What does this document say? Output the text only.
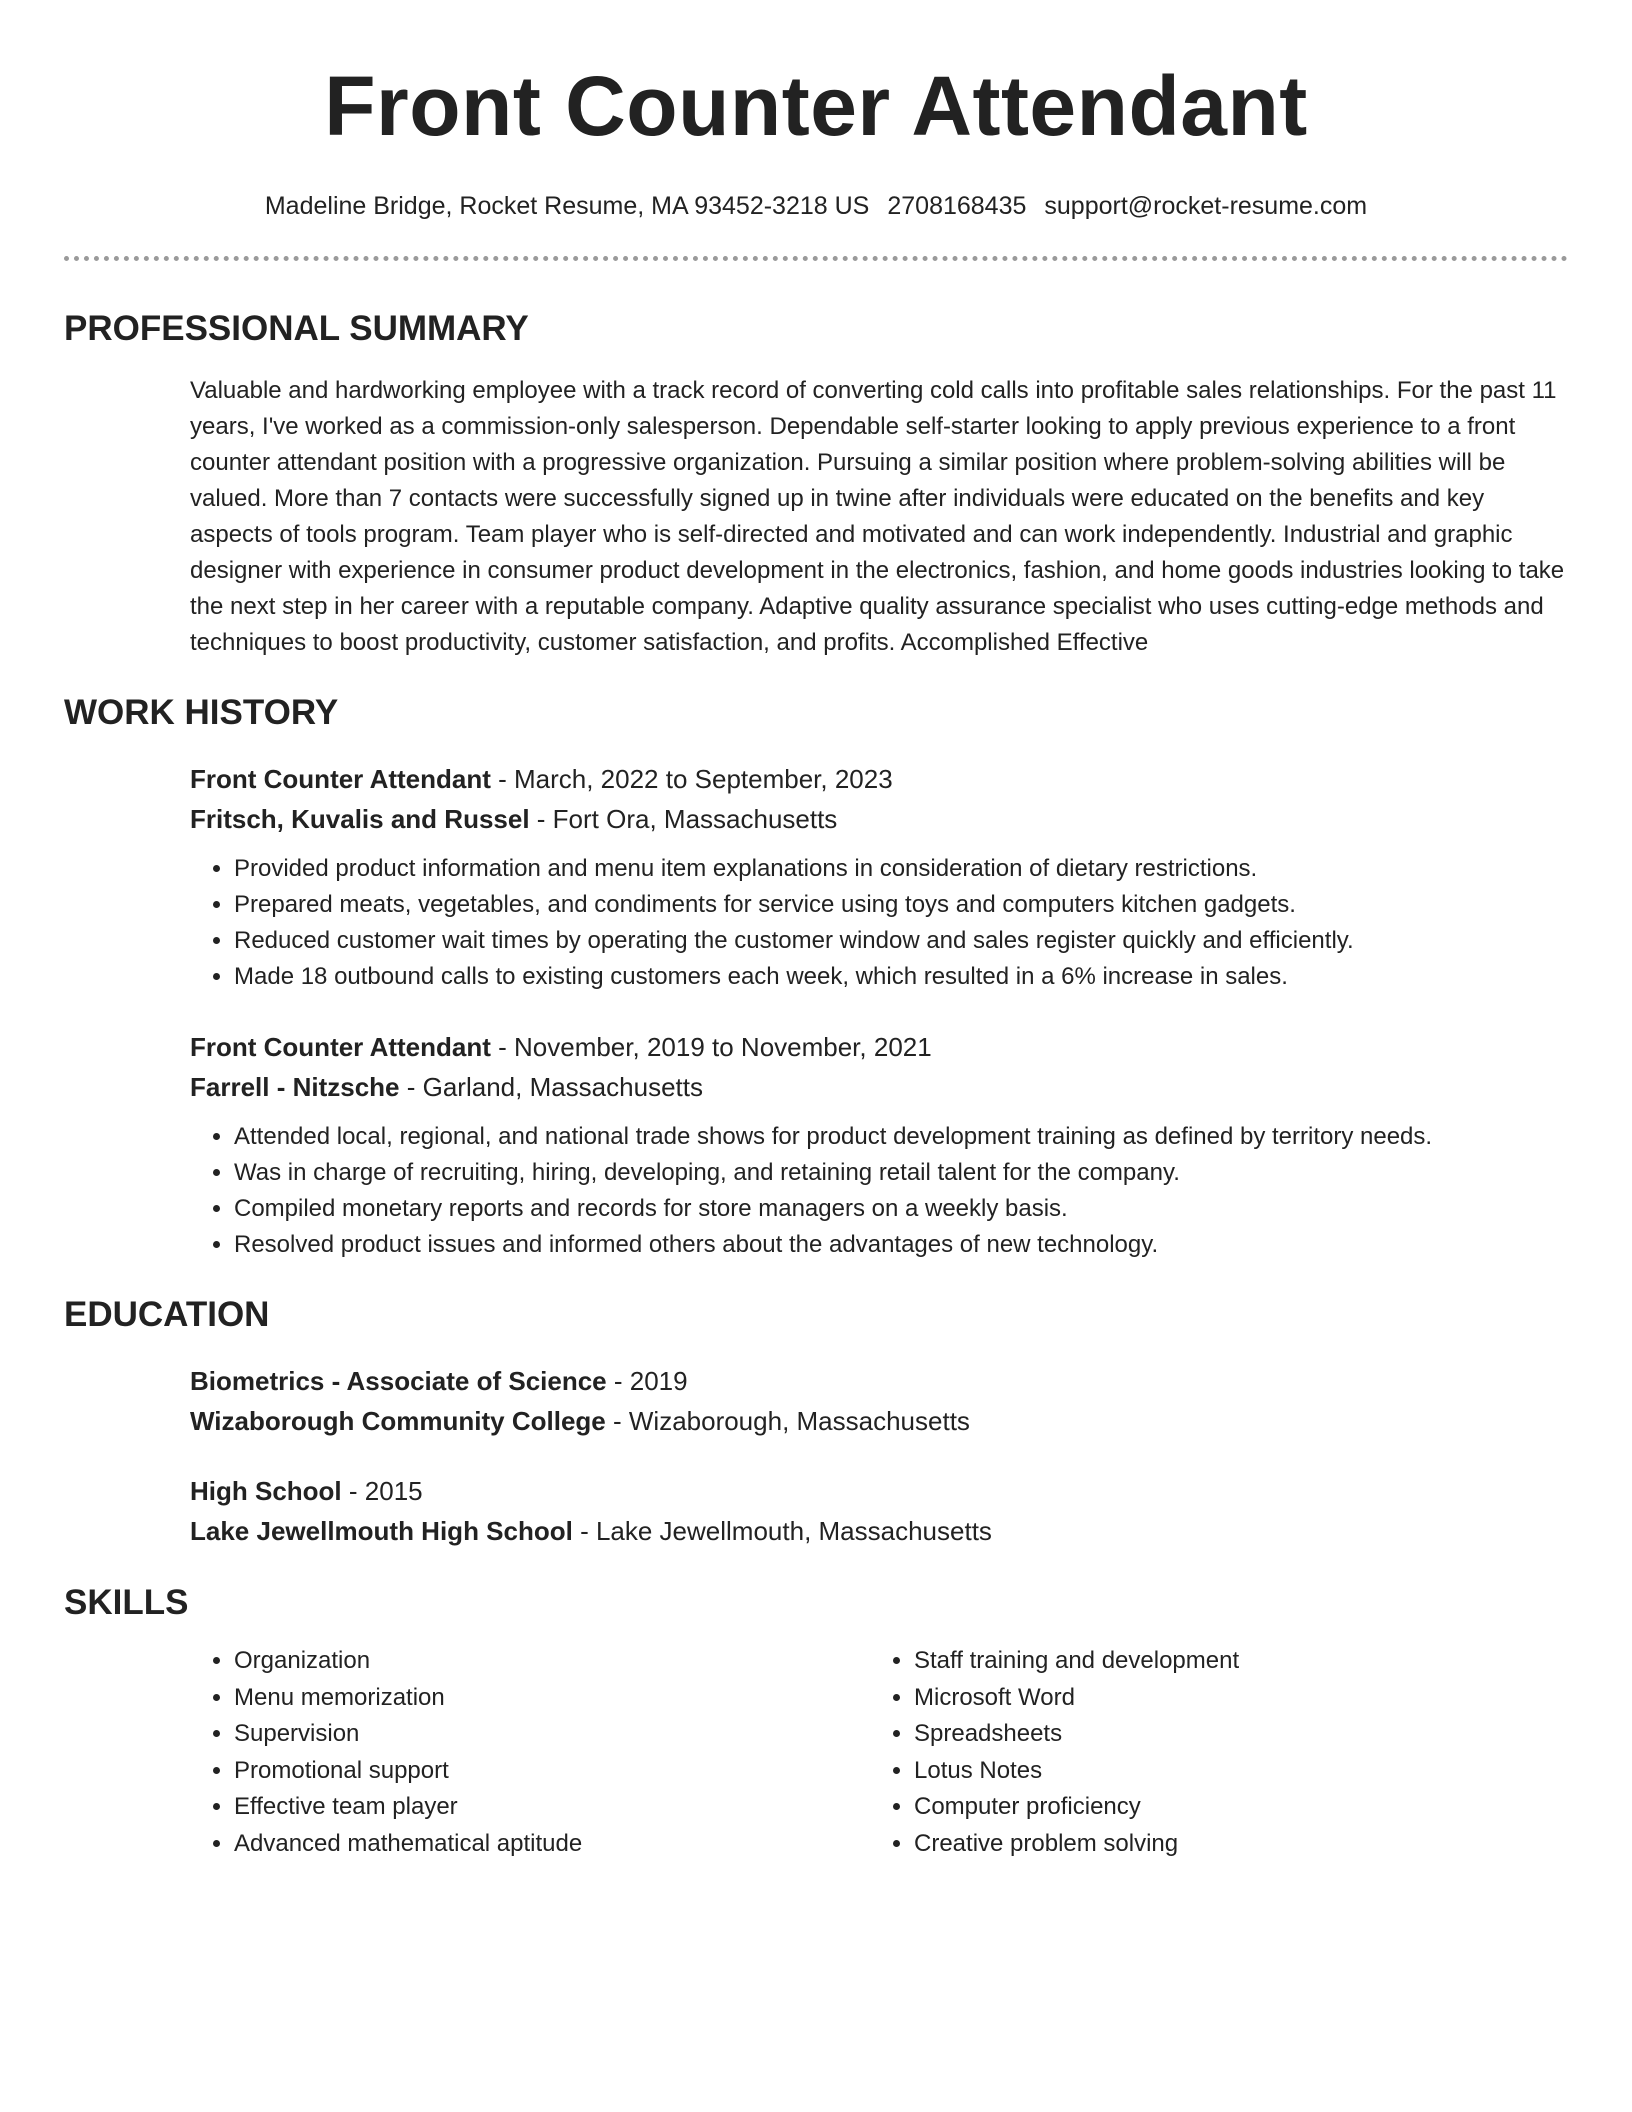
Front Counter Attendant
Madeline Bridge, Rocket Resume, MA 93452-3218 US 2708168435 support@rocket-resume.com
PROFESSIONAL SUMMARY
Valuable and hardworking employee with a track record of converting cold calls into profitable sales relationships. For the past 11 years, I've worked as a commission-only salesperson. Dependable self-starter looking to apply previous experience to a front counter attendant position with a progressive organization. Pursuing a similar position where problem-solving abilities will be valued. More than 7 contacts were successfully signed up in twine after individuals were educated on the benefits and key aspects of tools program. Team player who is self-directed and motivated and can work independently. Industrial and graphic designer with experience in consumer product development in the electronics, fashion, and home goods industries looking to take the next step in her career with a reputable company. Adaptive quality assurance specialist who uses cutting-edge methods and techniques to boost productivity, customer satisfaction, and profits. Accomplished Effective
WORK HISTORY
Front Counter Attendant - March, 2022 to September, 2023
Fritsch, Kuvalis and Russel - Fort Ora, Massachusetts
• Provided product information and menu item explanations in consideration of dietary restrictions.
• Prepared meats, vegetables, and condiments for service using toys and computers kitchen gadgets.
• Reduced customer wait times by operating the customer window and sales register quickly and efficiently.
• Made 18 outbound calls to existing customers each week, which resulted in a 6% increase in sales.
Front Counter Attendant - November, 2019 to November, 2021
Farrell - Nitzsche - Garland, Massachusetts
• Attended local, regional, and national trade shows for product development training as defined by territory needs.
• Was in charge of recruiting, hiring, developing, and retaining retail talent for the company.
• Compiled monetary reports and records for store managers on a weekly basis.
• Resolved product issues and informed others about the advantages of new technology.
EDUCATION
Biometrics - Associate of Science - 2019
Wizaborough Community College - Wizaborough, Massachusetts
High School - 2015
Lake Jewellmouth High School - Lake Jewellmouth, Massachusetts
SKILLS
• Organization
• Menu memorization
• Supervision
• Promotional support
• Effective team player
• Advanced mathematical aptitude
• Staff training and development
• Microsoft Word
• Spreadsheets
• Lotus Notes
• Computer proficiency
• Creative problem solving
